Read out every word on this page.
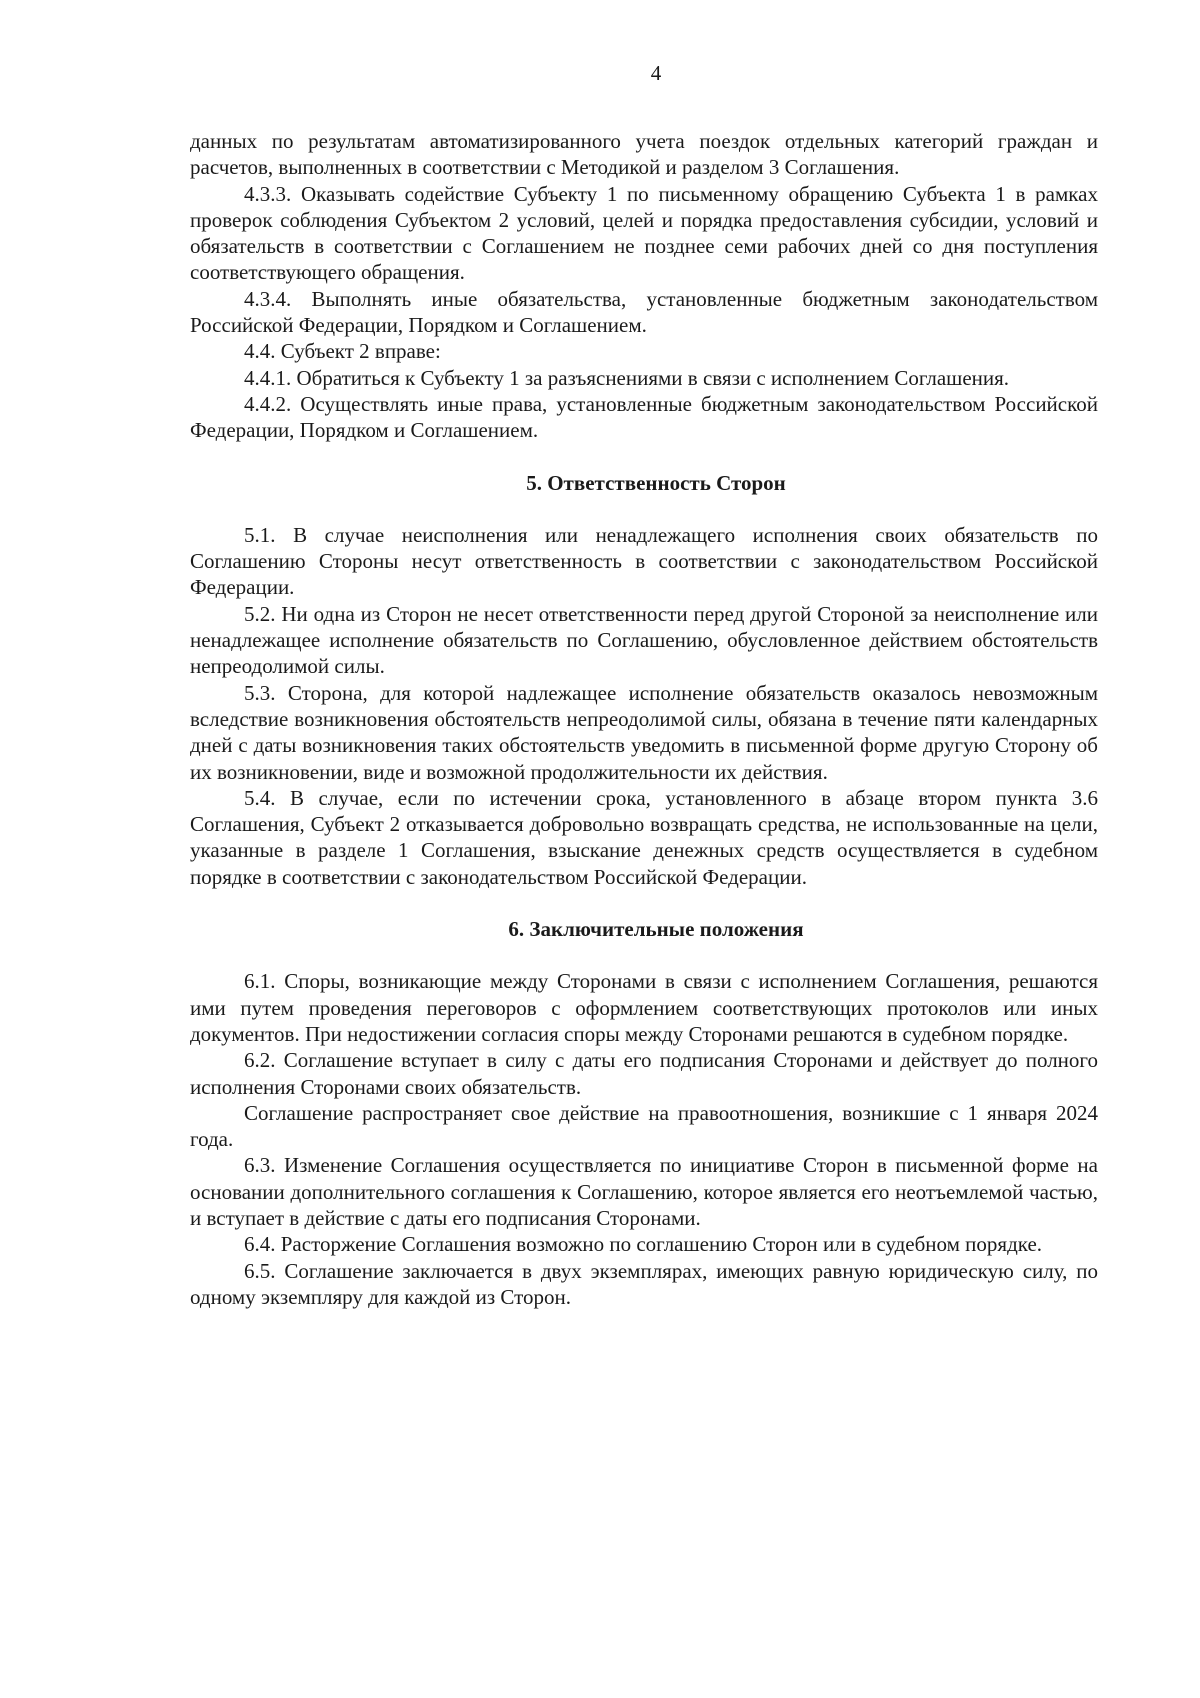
4

данных по результатам автоматизированного учета поездок отдельных категорий граждан и расчетов, выполненных в соответствии с Методикой и разделом 3 Соглашения.

4.3.3. Оказывать содействие Субъекту 1 по письменному обращению Субъекта 1 в рамках проверок соблюдения Субъектом 2 условий, целей и порядка предоставления субсидии, условий и обязательств в соответствии с Соглашением не позднее семи рабочих дней со дня поступления соответствующего обращения.

4.3.4. Выполнять иные обязательства, установленные бюджетным законодательством Российской Федерации, Порядком и Соглашением.

4.4. Субъект 2 вправе:

4.4.1. Обратиться к Субъекту 1 за разъяснениями в связи с исполнением Соглашения.

4.4.2. Осуществлять иные права, установленные бюджетным законодательством Российской Федерации, Порядком и Соглашением.

5. Ответственность Сторон

5.1. В случае неисполнения или ненадлежащего исполнения своих обязательств по Соглашению Стороны несут ответственность в соответствии с законодательством Российской Федерации.

5.2. Ни одна из Сторон не несет ответственности перед другой Стороной за неисполнение или ненадлежащее исполнение обязательств по Соглашению, обусловленное действием обстоятельств непреодолимой силы.

5.3. Сторона, для которой надлежащее исполнение обязательств оказалось невозможным вследствие возникновения обстоятельств непреодолимой силы, обязана в течение пяти календарных дней с даты возникновения таких обстоятельств уведомить в письменной форме другую Сторону об их возникновении, виде и возможной продолжительности их действия.

5.4. В случае, если по истечении срока, установленного в абзаце втором пункта 3.6 Соглашения, Субъект 2 отказывается добровольно возвращать средства, не использованные на цели, указанные в разделе 1 Соглашения, взыскание денежных средств осуществляется в судебном порядке в соответствии с законодательством Российской Федерации.

6. Заключительные положения

6.1. Споры, возникающие между Сторонами в связи с исполнением Соглашения, решаются ими путем проведения переговоров с оформлением соответствующих протоколов или иных документов. При недостижении согласия споры между Сторонами решаются в судебном порядке.

6.2. Соглашение вступает в силу с даты его подписания Сторонами и действует до полного исполнения Сторонами своих обязательств.

Соглашение распространяет свое действие на правоотношения, возникшие с 1 января 2024 года.

6.3. Изменение Соглашения осуществляется по инициативе Сторон в письменной форме на основании дополнительного соглашения к Соглашению, которое является его неотъемлемой частью, и вступает в действие с даты его подписания Сторонами.

6.4. Расторжение Соглашения возможно по соглашению Сторон или в судебном порядке.

6.5. Соглашение заключается в двух экземплярах, имеющих равную юридическую силу, по одному экземпляру для каждой из Сторон.
